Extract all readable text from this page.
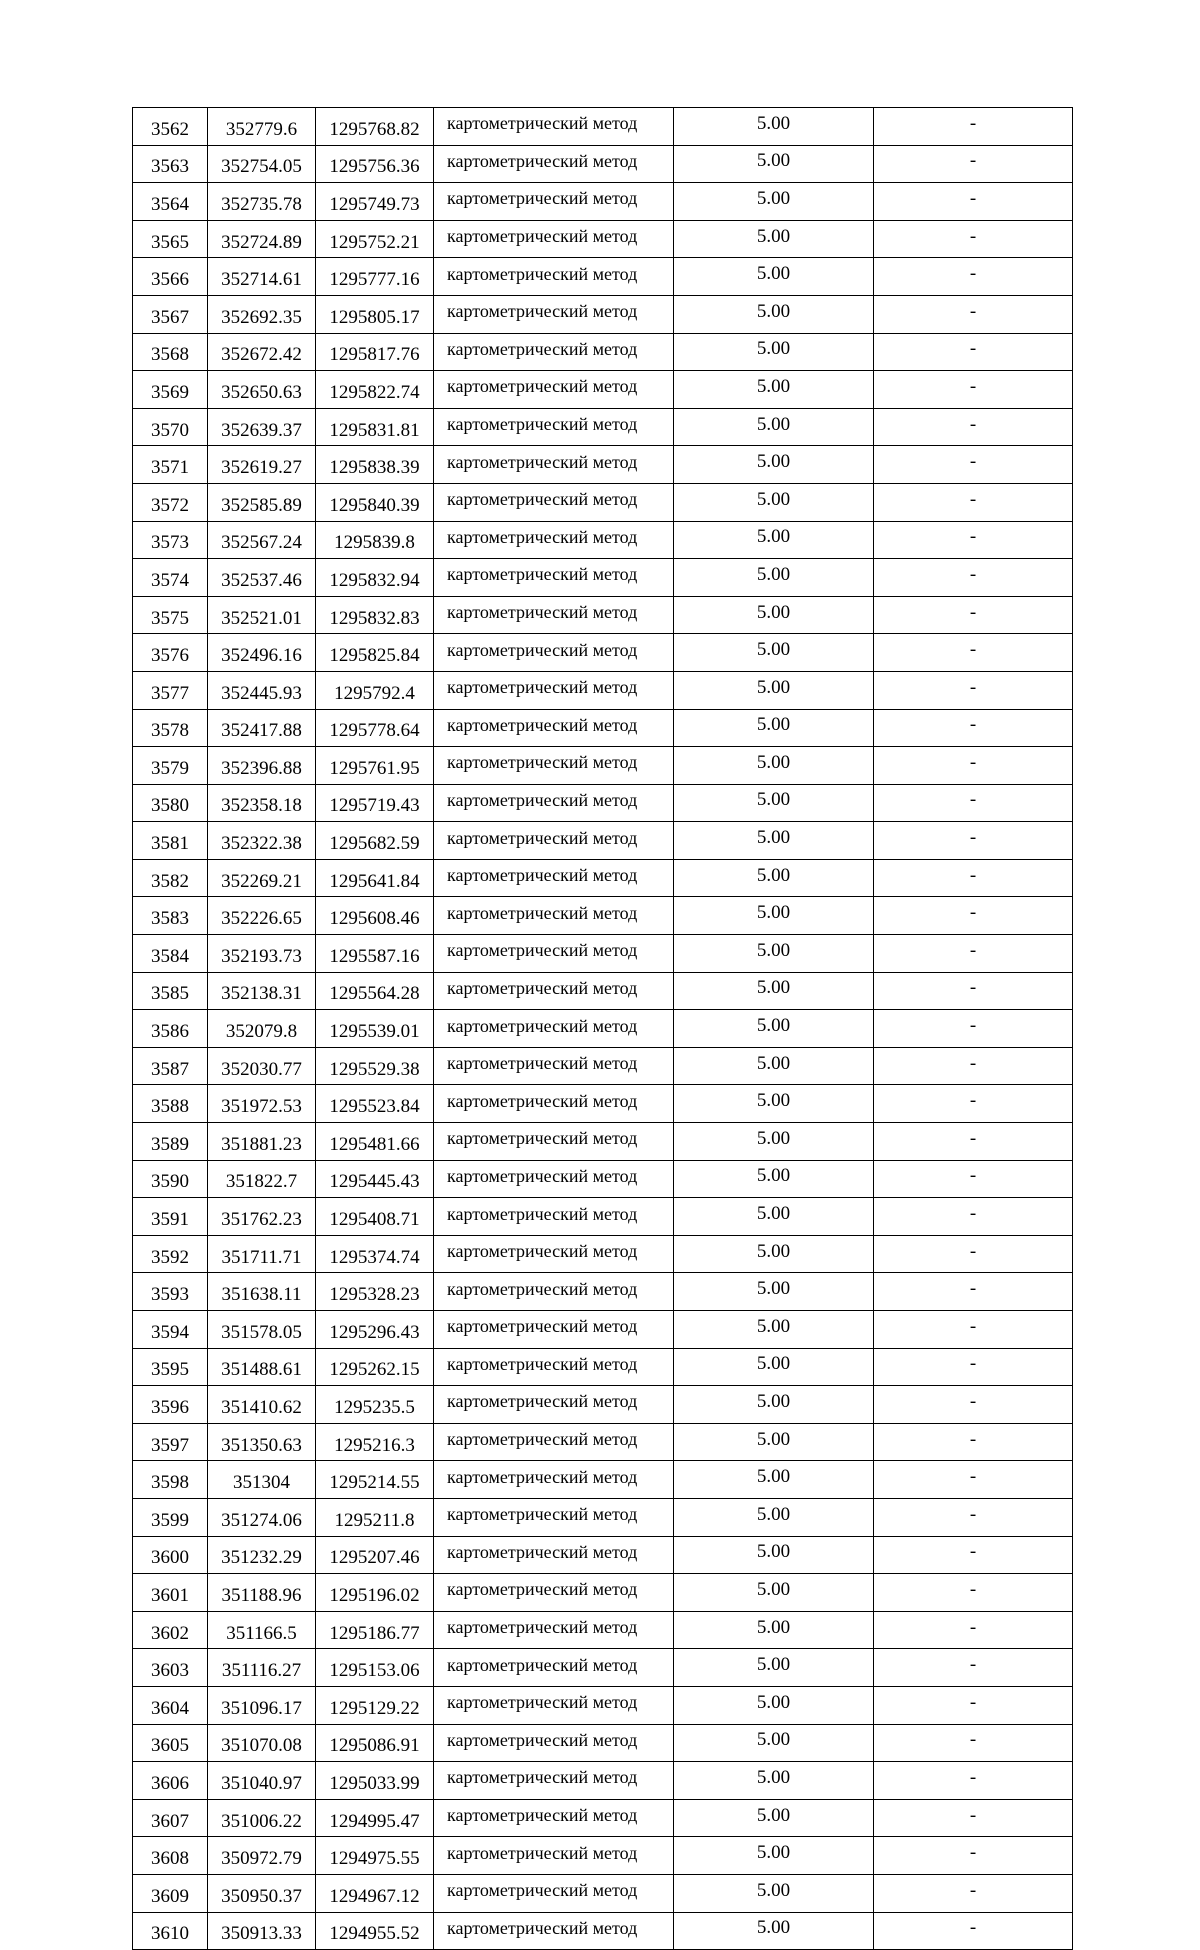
3562	352779.6	1295768.82	картометрический метод	5.00	-
3563	352754.05	1295756.36	картометрический метод	5.00	-
3564	352735.78	1295749.73	картометрический метод	5.00	-
3565	352724.89	1295752.21	картометрический метод	5.00	-
3566	352714.61	1295777.16	картометрический метод	5.00	-
3567	352692.35	1295805.17	картометрический метод	5.00	-
3568	352672.42	1295817.76	картометрический метод	5.00	-
3569	352650.63	1295822.74	картометрический метод	5.00	-
3570	352639.37	1295831.81	картометрический метод	5.00	-
3571	352619.27	1295838.39	картометрический метод	5.00	-
3572	352585.89	1295840.39	картометрический метод	5.00	-
3573	352567.24	1295839.8	картометрический метод	5.00	-
3574	352537.46	1295832.94	картометрический метод	5.00	-
3575	352521.01	1295832.83	картометрический метод	5.00	-
3576	352496.16	1295825.84	картометрический метод	5.00	-
3577	352445.93	1295792.4	картометрический метод	5.00	-
3578	352417.88	1295778.64	картометрический метод	5.00	-
3579	352396.88	1295761.95	картометрический метод	5.00	-
3580	352358.18	1295719.43	картометрический метод	5.00	-
3581	352322.38	1295682.59	картометрический метод	5.00	-
3582	352269.21	1295641.84	картометрический метод	5.00	-
3583	352226.65	1295608.46	картометрический метод	5.00	-
3584	352193.73	1295587.16	картометрический метод	5.00	-
3585	352138.31	1295564.28	картометрический метод	5.00	-
3586	352079.8	1295539.01	картометрический метод	5.00	-
3587	352030.77	1295529.38	картометрический метод	5.00	-
3588	351972.53	1295523.84	картометрический метод	5.00	-
3589	351881.23	1295481.66	картометрический метод	5.00	-
3590	351822.7	1295445.43	картометрический метод	5.00	-
3591	351762.23	1295408.71	картометрический метод	5.00	-
3592	351711.71	1295374.74	картометрический метод	5.00	-
3593	351638.11	1295328.23	картометрический метод	5.00	-
3594	351578.05	1295296.43	картометрический метод	5.00	-
3595	351488.61	1295262.15	картометрический метод	5.00	-
3596	351410.62	1295235.5	картометрический метод	5.00	-
3597	351350.63	1295216.3	картометрический метод	5.00	-
3598	351304	1295214.55	картометрический метод	5.00	-
3599	351274.06	1295211.8	картометрический метод	5.00	-
3600	351232.29	1295207.46	картометрический метод	5.00	-
3601	351188.96	1295196.02	картометрический метод	5.00	-
3602	351166.5	1295186.77	картометрический метод	5.00	-
3603	351116.27	1295153.06	картометрический метод	5.00	-
3604	351096.17	1295129.22	картометрический метод	5.00	-
3605	351070.08	1295086.91	картометрический метод	5.00	-
3606	351040.97	1295033.99	картометрический метод	5.00	-
3607	351006.22	1294995.47	картометрический метод	5.00	-
3608	350972.79	1294975.55	картометрический метод	5.00	-
3609	350950.37	1294967.12	картометрический метод	5.00	-
3610	350913.33	1294955.52	картометрический метод	5.00	-
